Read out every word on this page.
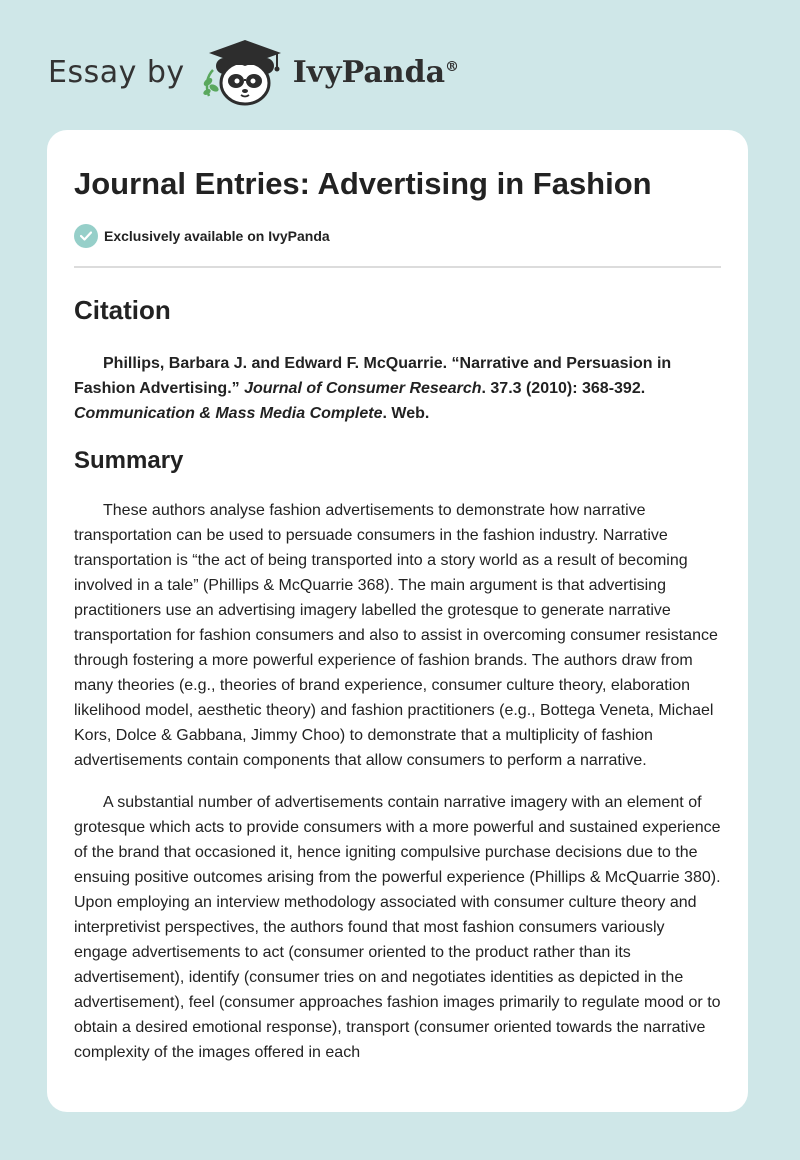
Essay by	IvyPanda®
Journal Entries: Advertising in Fashion
Exclusively available on IvyPanda
Citation

Phillips, Barbara J. and Edward F. McQuarrie. “Narrative and Persuasion in Fashion Advertising.” Journal of Consumer Research. 37.3 (2010): 368-392. Communication & Mass Media Complete. Web.

Summary

These authors analyse fashion advertisements to demonstrate how narrative transportation can be used to persuade consumers in the fashion industry. Narrative transportation is “the act of being transported into a story world as a result of becoming involved in a tale” (Phillips & McQuarrie 368). The main argument is that advertising practitioners use an advertising imagery labelled the grotesque to generate narrative transportation for fashion consumers and also to assist in overcoming consumer resistance through fostering a more powerful experience of fashion brands. The authors draw from many theories (e.g., theories of brand experience, consumer culture theory, elaboration likelihood model, aesthetic theory) and fashion practitioners (e.g., Bottega Veneta, Michael Kors, Dolce & Gabbana, Jimmy Choo) to demonstrate that a multiplicity of fashion advertisements contain components that allow consumers to perform a narrative.

A substantial number of advertisements contain narrative imagery with an element of grotesque which acts to provide consumers with a more powerful and sustained experience of the brand that occasioned it, hence igniting compulsive purchase decisions due to the ensuing positive outcomes arising from the powerful experience (Phillips & McQuarrie 380). Upon employing an interview methodology associated with consumer culture theory and interpretivist perspectives, the authors found that most fashion consumers variously engage advertisements to act (consumer oriented to the product rather than its advertisement), identify (consumer tries on and negotiates identities as depicted in the advertisement), feel (consumer approaches fashion images primarily to regulate mood or to obtain a desired emotional response), transport (consumer oriented towards the narrative complexity of the images offered in each
